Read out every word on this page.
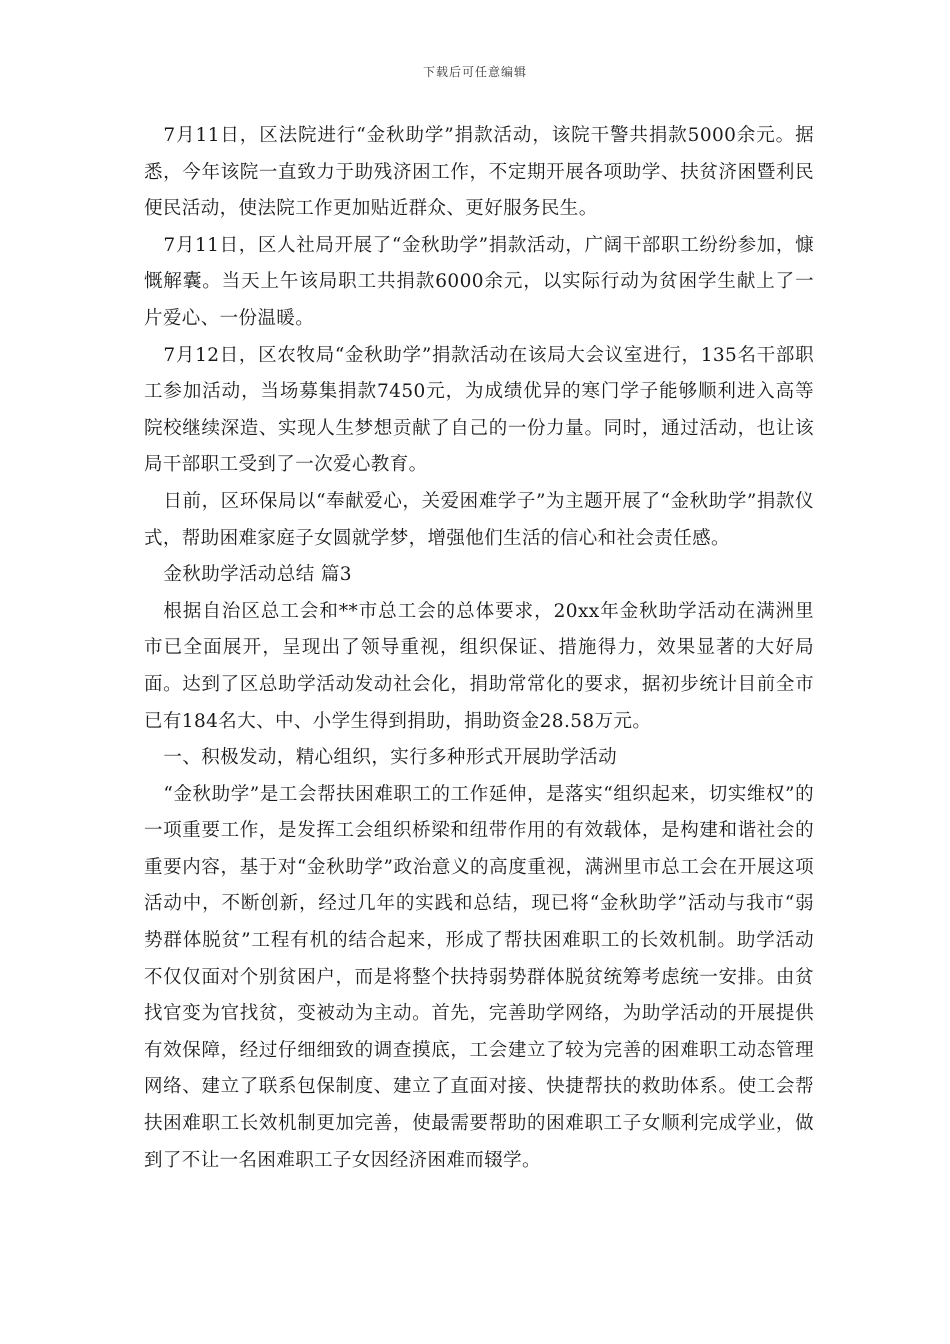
下载后可任意编辑

7月11日，区法院进行“金秋助学”捐款活动，该院干警共捐款5000余元。据悉，今年该院一直致力于助残济困工作，不定期开展各项助学、扶贫济困暨利民便民活动，使法院工作更加贴近群众、更好服务民生。

7月11日，区人社局开展了“金秋助学”捐款活动，广阔干部职工纷纷参加，慷慨解囊。当天上午该局职工共捐款6000余元，以实际行动为贫困学生献上了一片爱心、一份温暖。

7月12日，区农牧局“金秋助学”捐款活动在该局大会议室进行，135名干部职工参加活动，当场募集捐款7450元，为成绩优异的寒门学子能够顺利进入高等院校继续深造、实现人生梦想贡献了自己的一份力量。同时，通过活动，也让该局干部职工受到了一次爱心教育。

日前，区环保局以“奉献爱心，关爱困难学子”为主题开展了“金秋助学”捐款仪式，帮助困难家庭子女圆就学梦，增强他们生活的信心和社会责任感。

金秋助学活动总结 篇3

根据自治区总工会和**市总工会的总体要求，20xx年金秋助学活动在满洲里市已全面展开，呈现出了领导重视，组织保证、措施得力，效果显著的大好局面。达到了区总助学活动发动社会化，捐助常常化的要求，据初步统计目前全市已有184名大、中、小学生得到捐助，捐助资金28.58万元。

一、积极发动，精心组织，实行多种形式开展助学活动

“金秋助学”是工会帮扶困难职工的工作延伸，是落实“组织起来，切实维权”的一项重要工作，是发挥工会组织桥梁和纽带作用的有效载体，是构建和谐社会的重要内容，基于对“金秋助学”政治意义的高度重视，满洲里市总工会在开展这项活动中，不断创新，经过几年的实践和总结，现已将“金秋助学”活动与我市“弱势群体脱贫”工程有机的结合起来，形成了帮扶困难职工的长效机制。助学活动不仅仅面对个别贫困户，而是将整个扶持弱势群体脱贫统筹考虑统一安排。由贫找官变为官找贫，变被动为主动。首先，完善助学网络，为助学活动的开展提供有效保障，经过仔细细致的调查摸底，工会建立了较为完善的困难职工动态管理网络、建立了联系包保制度、建立了直面对接、快捷帮扶的救助体系。使工会帮扶困难职工长效机制更加完善，使最需要帮助的困难职工子女顺利完成学业，做到了不让一名困难职工子女因经济困难而辍学。
